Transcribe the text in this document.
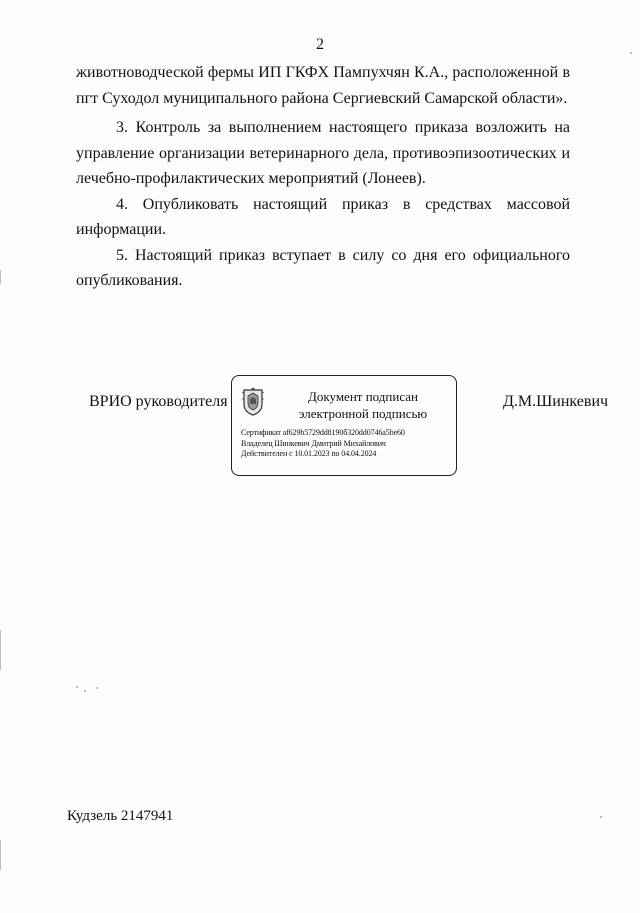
2

животноводческой фермы ИП ГКФХ Пампухчян К.А., расположенной в
пгт Суходол муниципального района Сергиевский Самарской области».

3. Контроль за выполнением настоящего приказа возложить на управление организации ветеринарного дела, противоэпизоотических и лечебно-профилактических мероприятий (Лонеев).

4. Опубликовать настоящий приказ в средствах массовой информации.

5. Настоящий приказ вступает в силу со дня его официального опубликования.

ВРИО руководителя	Документ подписан
электронной подписью
Сертификат af629b5729dd8190б320dd0746a5be60
Владелец Шинкевич Дмитрий Михайлович
Действителен с 10.01.2023 по 04.04.2024
Д.М.Шинкевич
Кудзель 2147941
